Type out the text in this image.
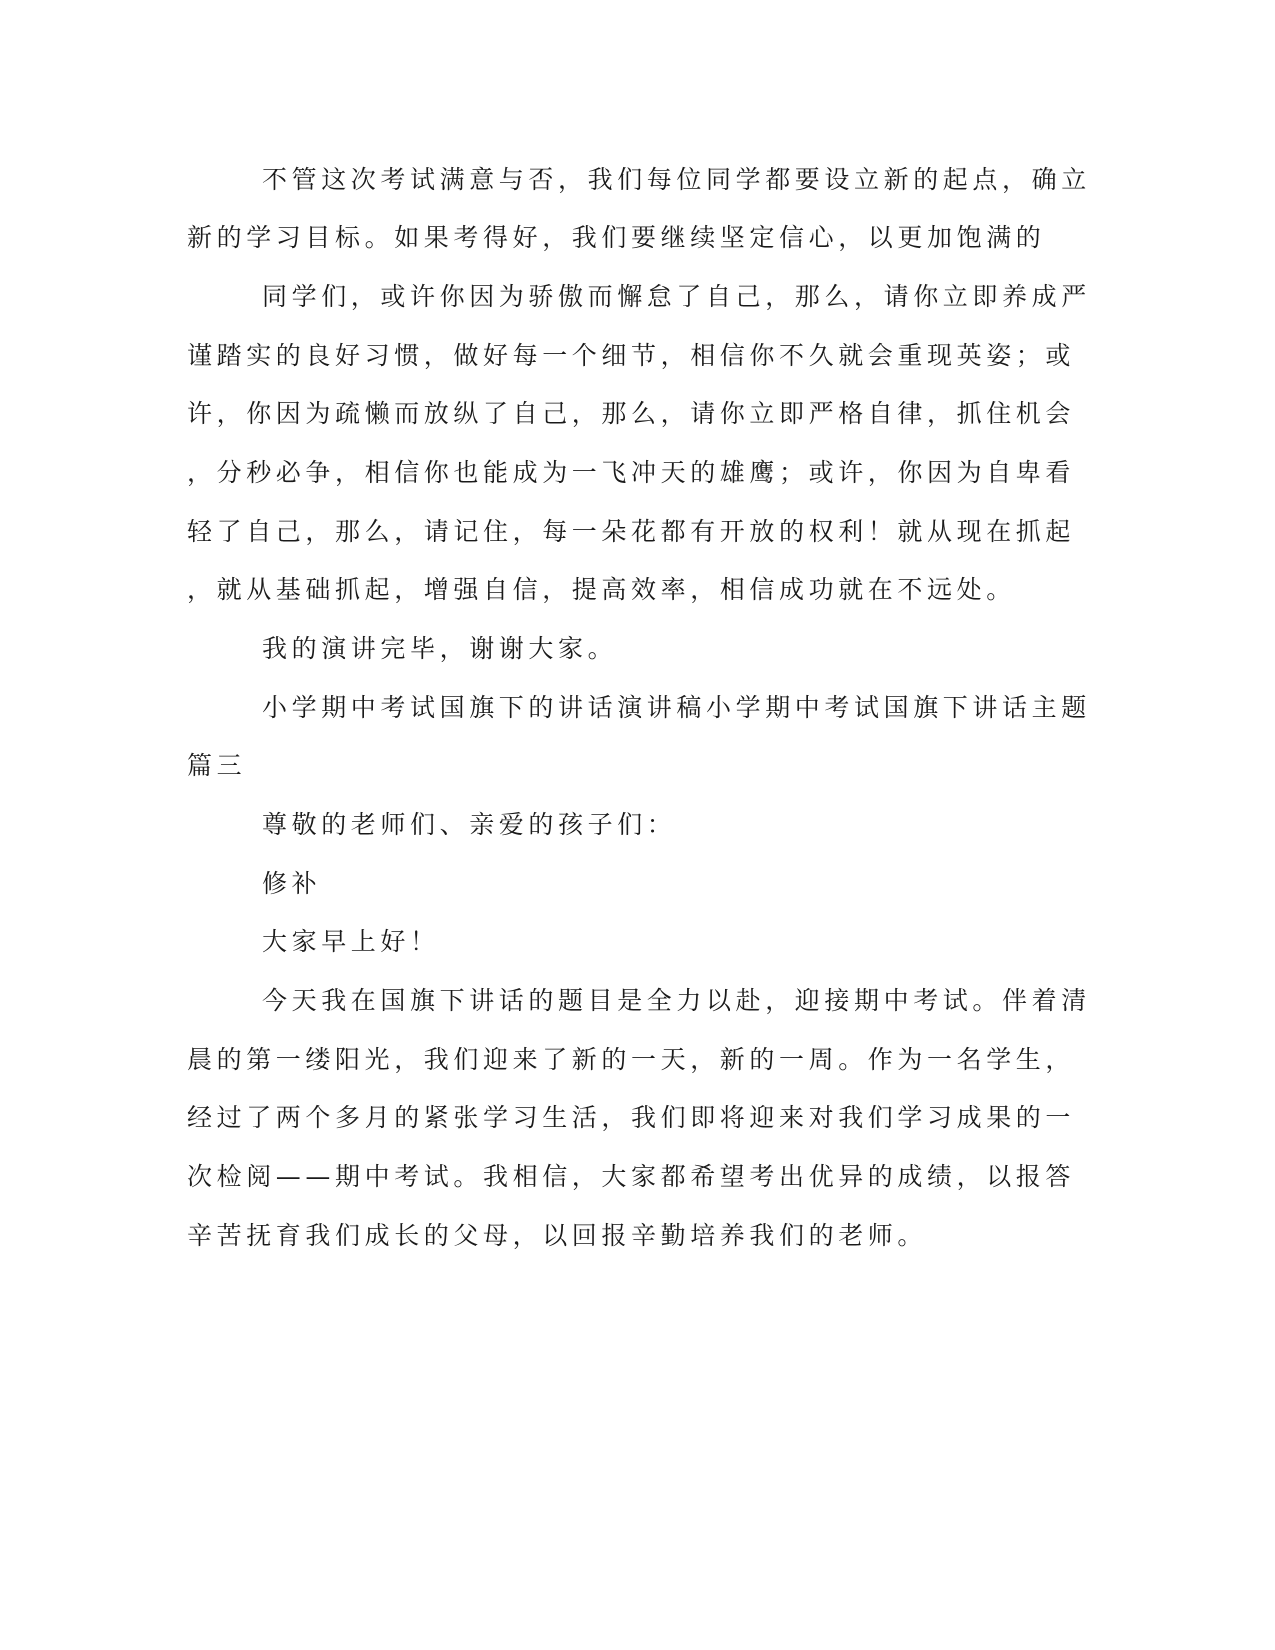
不管这次考试满意与否，我们每位同学都要设立新的起点，确立
新的学习目标。如果考得好，我们要继续坚定信心，以更加饱满的
同学们，或许你因为骄傲而懈怠了自己，那么，请你立即养成严
谨踏实的良好习惯，做好每一个细节，相信你不久就会重现英姿；或
许，你因为疏懒而放纵了自己，那么，请你立即严格自律，抓住机会
，分秒必争，相信你也能成为一飞冲天的雄鹰；或许，你因为自卑看
轻了自己，那么，请记住，每一朵花都有开放的权利！就从现在抓起
，就从基础抓起，增强自信，提高效率，相信成功就在不远处。
我的演讲完毕，谢谢大家。
小学期中考试国旗下的讲话演讲稿小学期中考试国旗下讲话主题
篇三
尊敬的老师们、亲爱的孩子们：
修补
大家早上好！
今天我在国旗下讲话的题目是全力以赴，迎接期中考试。伴着清
晨的第一缕阳光，我们迎来了新的一天，新的一周。作为一名学生，
经过了两个多月的紧张学习生活，我们即将迎来对我们学习成果的一
次检阅——期中考试。我相信，大家都希望考出优异的成绩，以报答
辛苦抚育我们成长的父母，以回报辛勤培养我们的老师。
